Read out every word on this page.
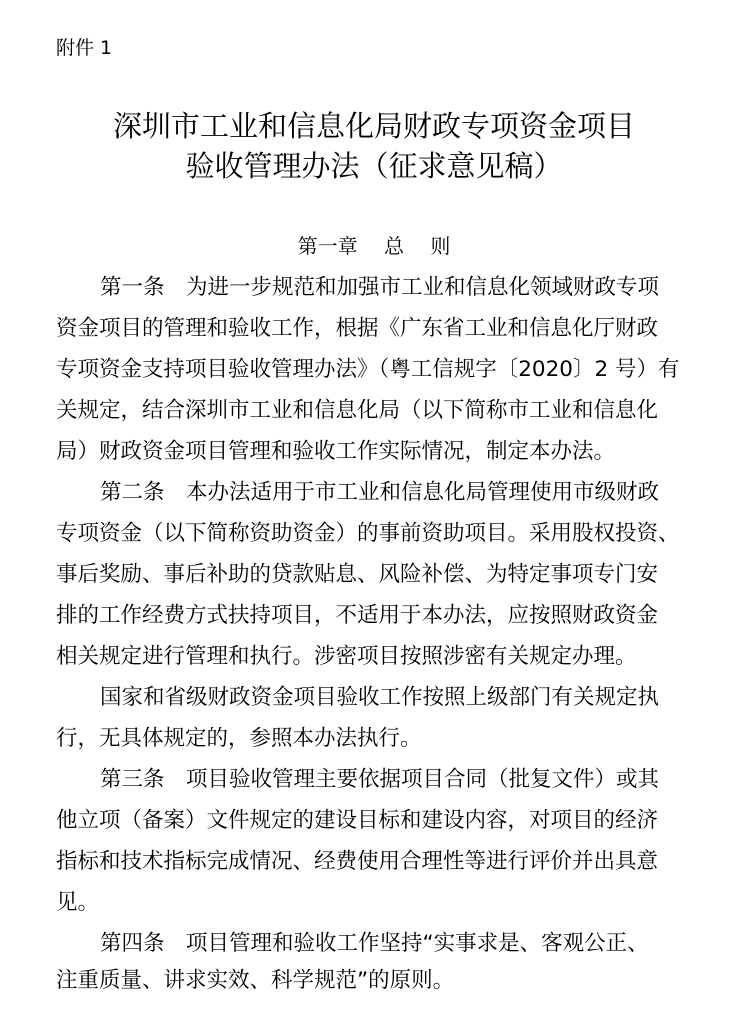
附件 1
深圳市工业和信息化局财政专项资金项目
验收管理办法（征求意见稿）
第一章　 总　 则
第一条　为进一步规范和加强市工业和信息化领域财政专项
资金项目的管理和验收工作，根据《广东省工业和信息化厅财政
专项资金支持项目验收管理办法》（粤工信规字〔2020〕2 号）有
关规定，结合深圳市工业和信息化局（以下简称市工业和信息化
局）财政资金项目管理和验收工作实际情况，制定本办法。
第二条　本办法适用于市工业和信息化局管理使用市级财政
专项资金（以下简称资助资金）的事前资助项目。采用股权投资、
事后奖励、事后补助的贷款贴息、风险补偿、为特定事项专门安
排的工作经费方式扶持项目，不适用于本办法，应按照财政资金
相关规定进行管理和执行。涉密项目按照涉密有关规定办理。
国家和省级财政资金项目验收工作按照上级部门有关规定执
行，无具体规定的，参照本办法执行。
第三条　项目验收管理主要依据项目合同（批复文件）或其
他立项（备案）文件规定的建设目标和建设内容，对项目的经济
指标和技术指标完成情况、经费使用合理性等进行评价并出具意
见。
第四条　项目管理和验收工作坚持“实事求是、客观公正、
注重质量、讲求实效、科学规范”的原则。
